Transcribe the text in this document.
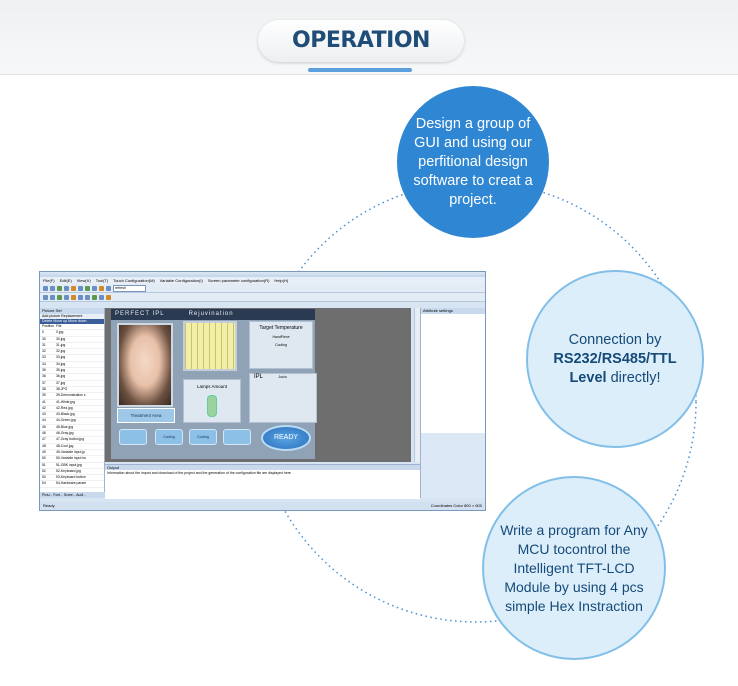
OPERATION
File(F) Edit(E) View(V) Tool(T) Touch Configuration(M) Variable Configuration(I) Screen parameter configuration(R) Help(H)
refresh
Picture Set
Add picture Replacement
Delete Move up Move down
Position File
0	0.jpg
30	30.jpg
31	31.jpg
32	32.jpg
33	33.jpg
34	34.jpg
35	35.jpg
36	36.jpg
37	37.jpg
38	38.JPG
39	39-Demonstration c
41	41-White.jpg
42	42-Red.jpg
43	43-Black.jpg
44	44-Green.jpg
45	45-Blue.jpg
46	46-Gray.jpg
47	47-Gray button.jpg
48	48-Cool.jpg
49	49-Variable input.jp
50	50-Variable input bu
51	51-GBK input.jpg
52	52-Keyboard.jpg
53	53-Keyboard button
54	54-Hardware param
Pictu... Font... Scree... Audi...
PERFECT IPL	Rejuvination
Treatment Area
Lamps Amount
Target Temperature
HandPiece
Cooling
IPL	Jou/s
Cooling	Cooling	READY
Attribute settings
Output
Information about the import and download of the project and the generation of the configuration file are displayed here
Ready	Coordinates Color 800 × 600
Design a group of GUI and using our perfitional design software to creat a project.
Connection by RS232/RS485/TTL Level directly!
Write a program for Any MCU tocontrol the Intelligent TFT-LCD Module by using 4 pcs simple Hex Instraction
